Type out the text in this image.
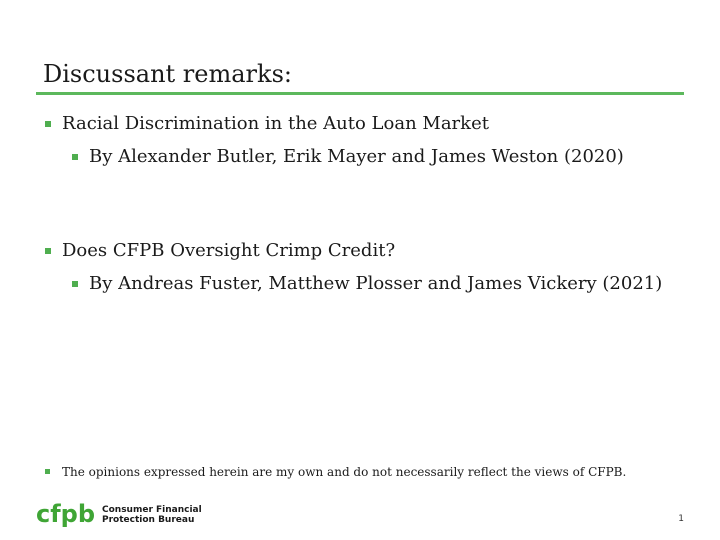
Discussant remarks:
Racial Discrimination in the Auto Loan Market
By Alexander Butler, Erik Mayer and James Weston (2020)
Does CFPB Oversight Crimp Credit?
By Andreas Fuster, Matthew Plosser and James Vickery (2021)
The opinions expressed herein are my own and do not necessarily reflect the views of CFPB.
cfpb Consumer Financial
Protection Bureau	1
